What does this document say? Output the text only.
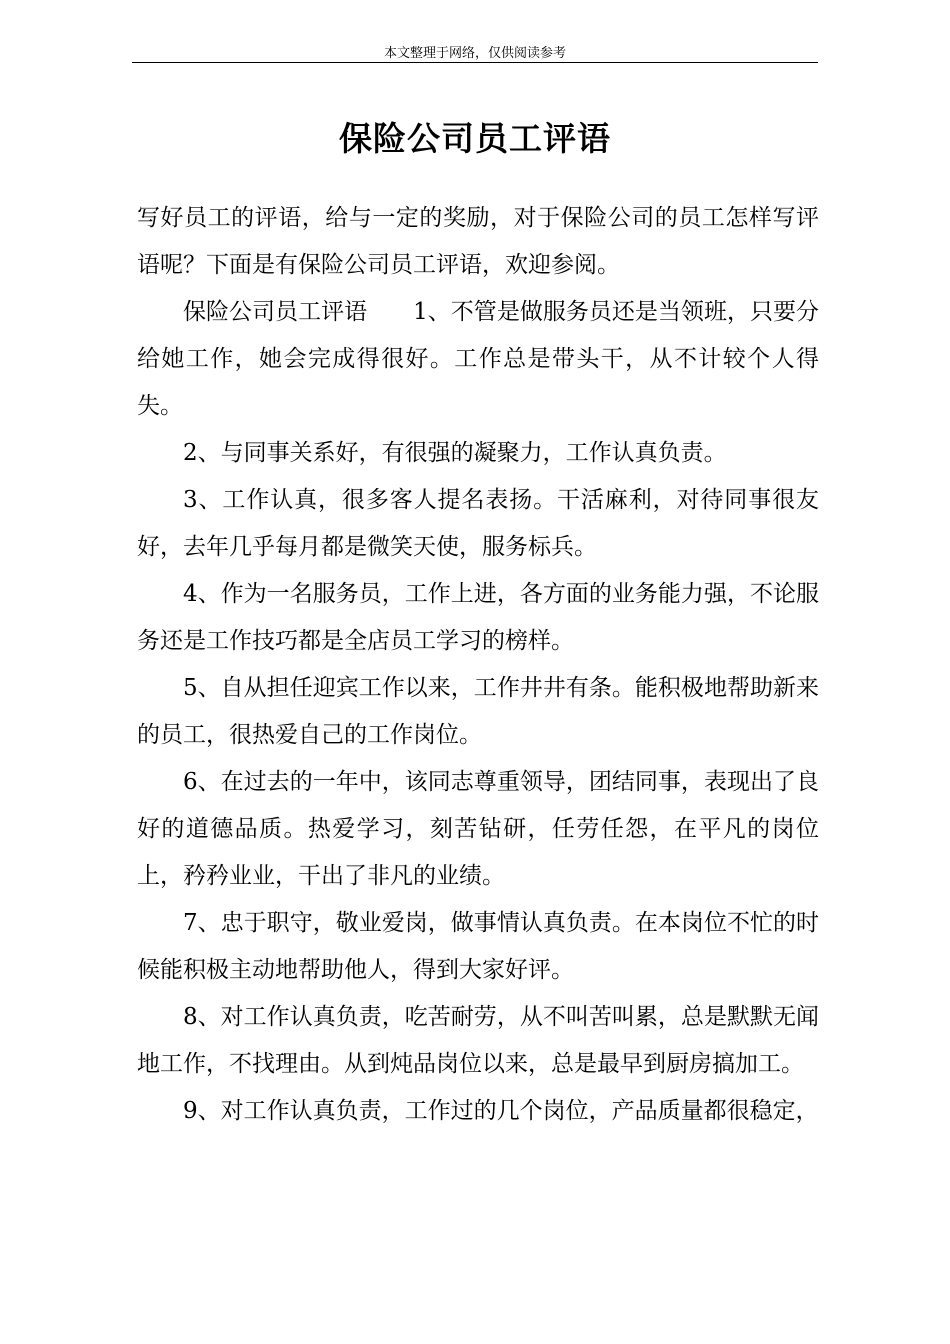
本文整理于网络，仅供阅读参考
保险公司员工评语

写好员工的评语，给与一定的奖励，对于保险公司的员工怎样写评语呢？下面是有保险公司员工评语，欢迎参阅。

保险公司员工评语　　1、不管是做服务员还是当领班，只要分给她工作，她会完成得很好。工作总是带头干，从不计较个人得失。

2、与同事关系好，有很强的凝聚力，工作认真负责。

3、工作认真，很多客人提名表扬。干活麻利，对待同事很友好，去年几乎每月都是微笑天使，服务标兵。

4、作为一名服务员，工作上进，各方面的业务能力强，不论服务还是工作技巧都是全店员工学习的榜样。

5、自从担任迎宾工作以来，工作井井有条。能积极地帮助新来的员工，很热爱自己的工作岗位。

6、在过去的一年中，该同志尊重领导，团结同事，表现出了良好的道德品质。热爱学习，刻苦钻研，任劳任怨，在平凡的岗位上，矜矜业业，干出了非凡的业绩。

7、忠于职守，敬业爱岗，做事情认真负责。在本岗位不忙的时候能积极主动地帮助他人，得到大家好评。

8、对工作认真负责，吃苦耐劳，从不叫苦叫累，总是默默无闻地工作，不找理由。从到炖品岗位以来，总是最早到厨房搞加工。

9、对工作认真负责，工作过的几个岗位，产品质量都很稳定，
